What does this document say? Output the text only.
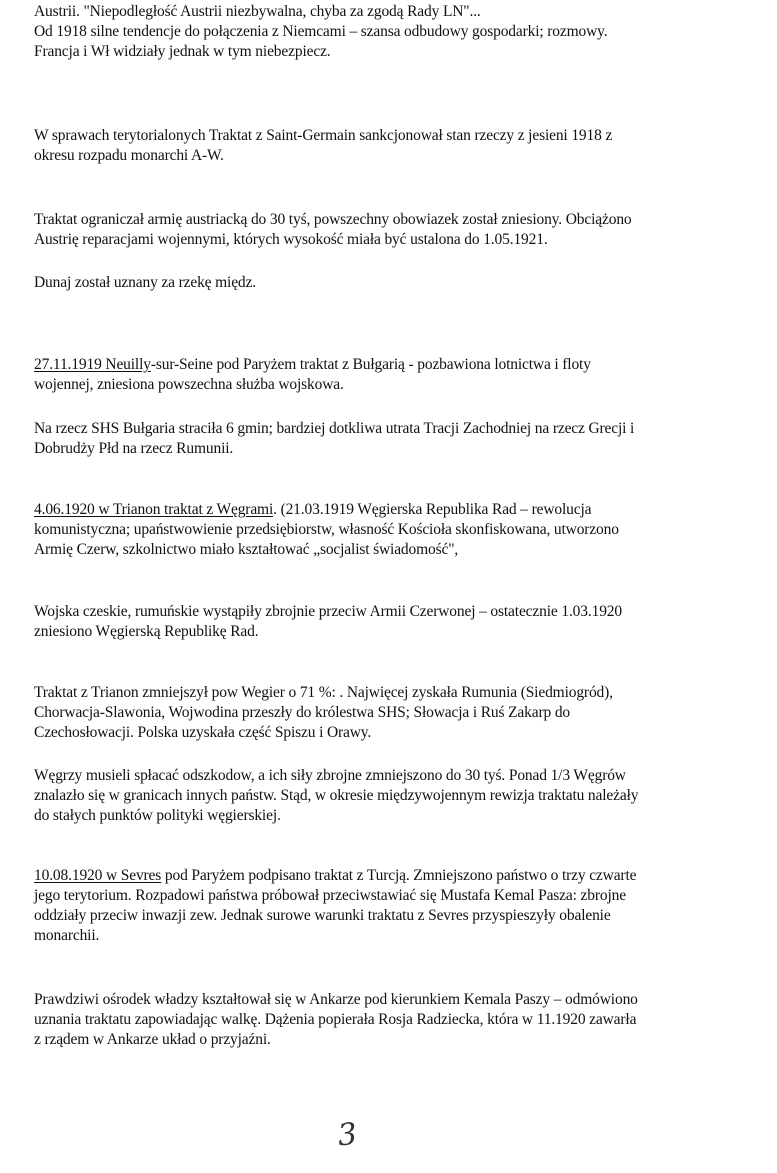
Austrii. "Niepodległość Austrii niezbywalna, chyba za zgodą Rady LN"...
Od 1918 silne tendencje do połączenia z Niemcami – szansa odbudowy gospodarki; rozmowy.
Francja i Wł widziały jednak w tym niebezpiecz.
W sprawach terytorialonych Traktat z Saint-Germain sankcjonował stan rzeczy z jesieni 1918 z
okresu rozpadu monarchi A-W.
Traktat ograniczał armię austriacką do 30 tyś, powszechny obowiazek został zniesiony. Obciążono
Austrię reparacjami wojennymi, których wysokość miała być ustalona do 1.05.1921.
Dunaj został uznany za rzekę międz.
27.11.1919 Neuilly-sur-Seine pod Paryżem traktat z Bułgarią - pozbawiona lotnictwa i floty
wojennej, zniesiona powszechna służba wojskowa.
Na rzecz SHS Bułgaria straciła 6 gmin; bardziej dotkliwa utrata Tracji Zachodniej na rzecz Grecji i
Dobrudży Płd na rzecz Rumunii.
4.06.1920 w Trianon traktat z Węgrami. (21.03.1919 Węgierska Republika Rad – rewolucja
komunistyczna; upaństwowienie przedsiębiorstw, własność Kościoła skonfiskowana, utworzono
Armię Czerw, szkolnictwo miało kształtować „socjalist świadomość",
Wojska czeskie, rumuńskie wystąpiły zbrojnie przeciw Armii Czerwonej – ostatecznie 1.03.1920
zniesiono Węgierską Republikę Rad.
Traktat z Trianon zmniejszył pow Wegier o 71 %: . Najwięcej zyskała Rumunia (Siedmiogród),
Chorwacja-Slawonia, Wojwodina przeszły do królestwa SHS; Słowacja i Ruś Zakarp do
Czechosłowacji. Polska uzyskała część Spiszu i Orawy.
Węgrzy musieli spłacać odszkodow, a ich siły zbrojne zmniejszono do 30 tyś. Ponad 1/3 Węgrów
znalazło się w granicach innych państw. Stąd, w okresie międzywojennym rewizja traktatu należały
do stałych punktów polityki węgierskiej.
10.08.1920 w Sevres pod Paryżem podpisano traktat z Turcją. Zmniejszono państwo o trzy czwarte
jego terytorium. Rozpadowi państwa próbował przeciwstawiać się Mustafa Kemal Pasza: zbrojne
oddziały przeciw inwazji zew. Jednak surowe warunki traktatu z Sevres przyspieszyły obalenie
monarchii.
Prawdziwi ośrodek władzy kształtował się w Ankarze pod kierunkiem Kemala Paszy – odmówiono
uznania traktatu zapowiadając walkę. Dążenia popierała Rosja Radziecka, która w 11.1920 zawarła
z rządem w Ankarze układ o przyjaźni.
3
